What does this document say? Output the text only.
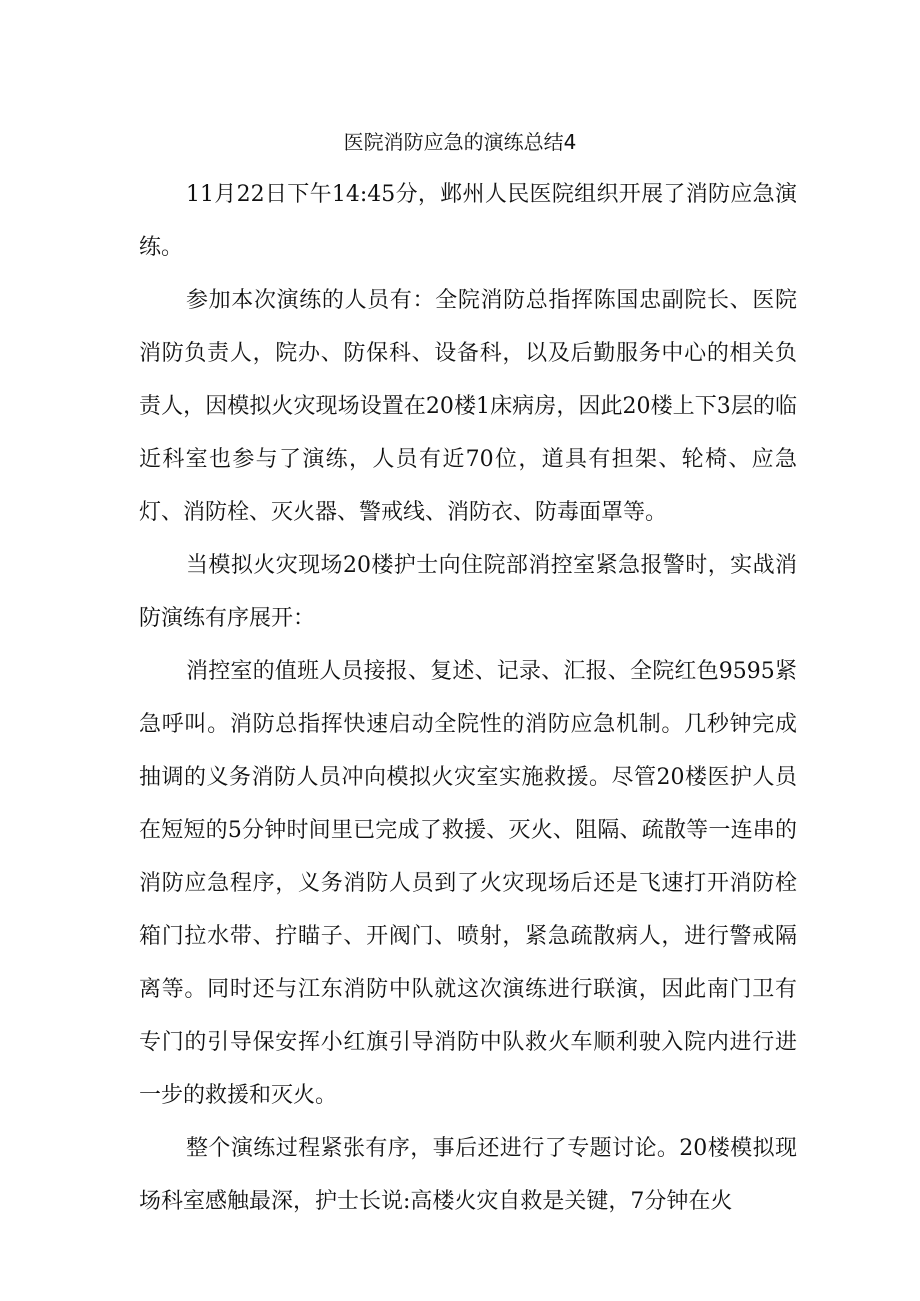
医院消防应急的演练总结4

11月22日下午14:45分，邺州人民医院组织开展了消防应急演练。

参加本次演练的人员有：全院消防总指挥陈国忠副院长、医院消防负责人，院办、防保科、设备科，以及后勤服务中心的相关负责人，因模拟火灾现场设置在20楼1床病房，因此20楼上下3层的临近科室也参与了演练，人员有近70位，道具有担架、轮椅、应急灯、消防栓、灭火器、警戒线、消防衣、防毒面罩等。

当模拟火灾现场20楼护士向住院部消控室紧急报警时，实战消防演练有序展开：

消控室的值班人员接报、复述、记录、汇报、全院红色9595紧急呼叫。消防总指挥快速启动全院性的消防应急机制。几秒钟完成抽调的义务消防人员冲向模拟火灾室实施救援。尽管20楼医护人员在短短的5分钟时间里已完成了救援、灭火、阻隔、疏散等一连串的消防应急程序，义务消防人员到了火灾现场后还是飞速打开消防栓箱门拉水带、拧瞄子、开阀门、喷射，紧急疏散病人，进行警戒隔离等。同时还与江东消防中队就这次演练进行联演，因此南门卫有专门的引导保安挥小红旗引导消防中队救火车顺利驶入院内进行进一步的救援和灭火。

整个演练过程紧张有序，事后还进行了专题讨论。20楼模拟现场科室感触最深，护士长说:高楼火灾自救是关键，7分钟在火
